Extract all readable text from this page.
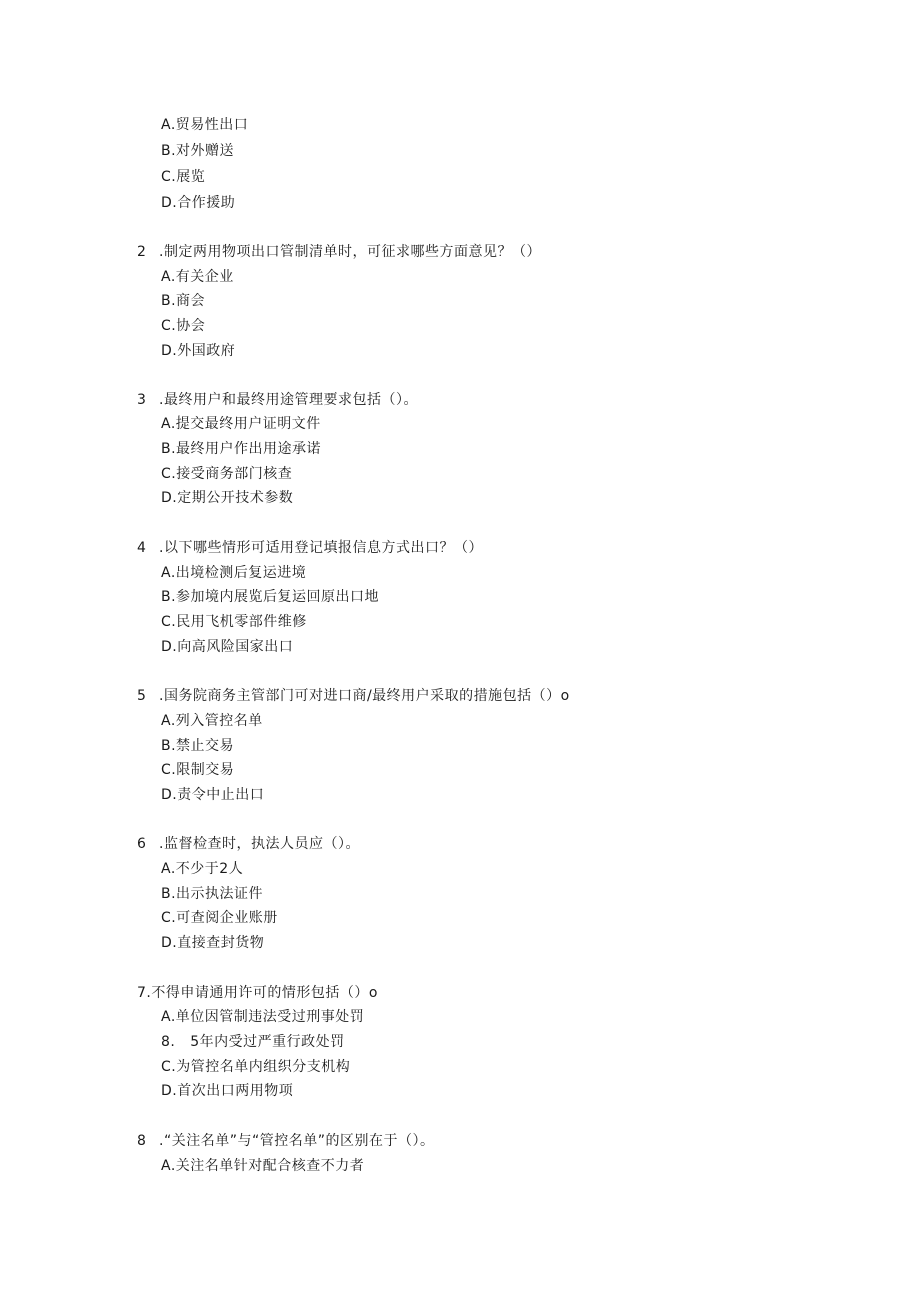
A.贸易性出口
B.对外赠送
C.展览
D.合作援助
2 .制定两用物项出口管制清单时，可征求哪些方面意见？（）
A.有关企业
B.商会
C.协会
D.外国政府
3 .最终用户和最终用途管理要求包括（）。
A.提交最终用户证明文件
B.最终用户作出用途承诺
C.接受商务部门核查
D.定期公开技术参数
4 .以下哪些情形可适用登记填报信息方式出口？（）
A.出境检测后复运进境
B.参加境内展览后复运回原出口地
C.民用飞机零部件维修
D.向高风险国家出口
5 .国务院商务主管部门可对进口商/最终用户采取的措施包括（）o
A.列入管控名单
B.禁止交易
C.限制交易
D.责令中止出口
6 .监督检查时，执法人员应（）。
A.不少于2人
B.出示执法证件
C.可查阅企业账册
D.直接查封货物
7.不得申请通用许可的情形包括（）o
A.单位因管制违法受过刑事处罚
8.   5年内受过严重行政处罚
C.为管控名单内组织分支机构
D.首次出口两用物项
8 .“关注名单”与“管控名单”的区别在于（）。
A.关注名单针对配合核查不力者
